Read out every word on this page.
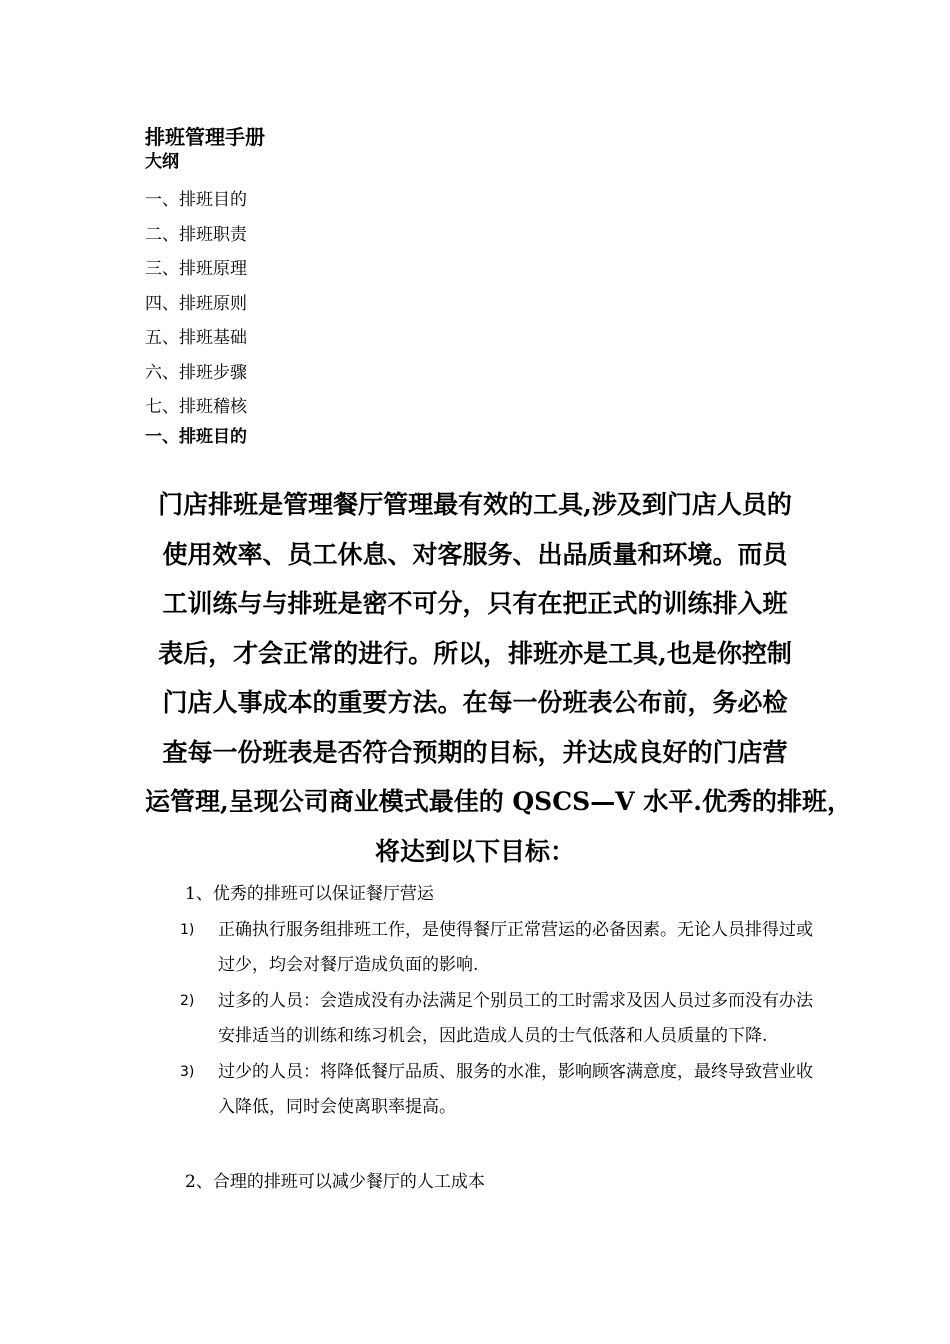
排班管理手册
大纲
一、排班目的
二、排班职责
三、排班原理
四、排班原则
五、排班基础
六、排班步骤
七、排班稽核
一、排班目的

门店排班是管理餐厅管理最有效的工具,涉及到门店人员的

使用效率、员工休息、对客服务、出品质量和环境。而员

工训练与与排班是密不可分，只有在把正式的训练排入班

表后，才会正常的进行。所以，排班亦是工具,也是你控制

门店人事成本的重要方法。在每一份班表公布前，务必检

查每一份班表是否符合预期的目标，并达成良好的门店营

运管理,呈现公司商业模式最佳的 QSCS—V 水平.优秀的排班，

将达到以下目标：

1、优秀的排班可以保证餐厅营运
1) 正确执行服务组排班工作，是使得餐厅正常营运的必备因素。无论人员排得过或过少，均会对餐厅造成负面的影响.
2) 过多的人员：会造成没有办法满足个别员工的工时需求及因人员过多而没有办法安排适当的训练和练习机会，因此造成人员的士气低落和人员质量的下降.
3) 过少的人员：将降低餐厅品质、服务的水准，影响顾客满意度，最终导致营业收入降低，同时会使离职率提高。
2、合理的排班可以减少餐厅的人工成本
